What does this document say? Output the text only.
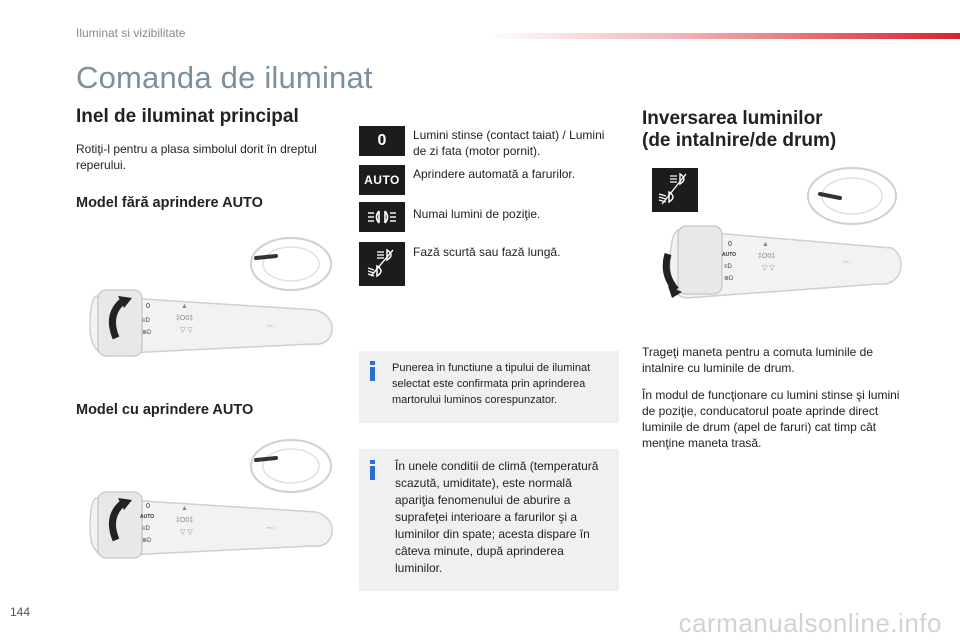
Iluminat si vizibilitate
Comanda de iluminat
Inel de iluminat principal
Rotiţi-l pentru a plasa simbolul dorit în dreptul reperului.
Model fără aprindere AUTO
0
≡D
≣D
▲
‡O0‡
▽ ▽
⊸○
Model cu aprindere AUTO
0
AUTO
≡D
≣D
▲
‡O0‡
▽ ▽
⊸○
0 Lumini stinse (contact taiat) / Lumini de zi fata (motor pornit).
AUTO Aprindere automată a farurilor.
Numai lumini de poziţie.
Fază scurtă sau fază lungă.
Punerea in functiune a tipului de iluminat selectat este confirmata prin aprinderea martorului luminos corespunzator.
În unele conditii de climă (temperatură scazută, umiditate), este normală apariţia fenomenului de aburire a suprafeţei interioare a farurilor şi a luminilor din spate; acesta dispare în câteva minute, după aprinderea luminilor.
Inversarea luminilor
(de intalnire/de drum)
0
AUTO
≡D
≣D
▲
‡O0‡
▽ ▽
⊸○
Trageţi maneta pentru a comuta luminile de intalnire cu luminile de drum.
În modul de funcţionare cu lumini stinse şi lumini de poziţie, conducatorul poate aprinde direct luminile de drum (apel de faruri) cat timp cât menţine maneta trasă.
144	carmanualsonline.info
